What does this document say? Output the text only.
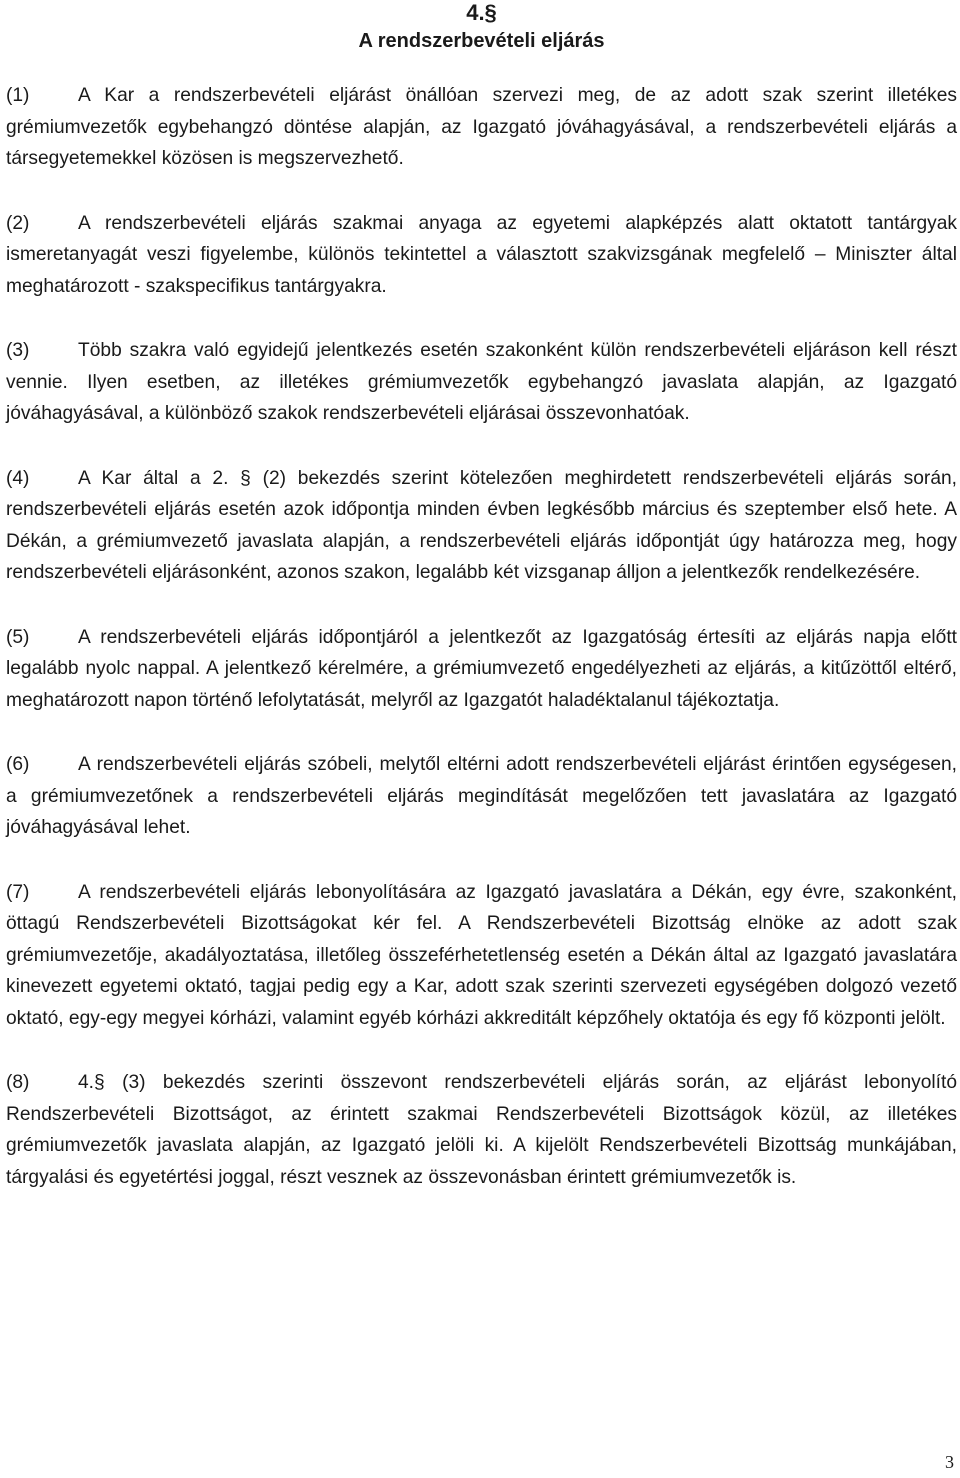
4.§
A rendszerbevételi eljárás
(1)	A Kar a rendszerbevételi eljárást önállóan szervezi meg, de az adott szak szerint illetékes grémiumvezetők egybehangzó döntése alapján, az Igazgató jóváhagyásával, a rendszerbevételi eljárás a társegyetemekkel közösen is megszervezhető.
(2)	A rendszerbevételi eljárás szakmai anyaga az egyetemi alapképzés alatt oktatott tantárgyak ismeretanyagát veszi figyelembe, különös tekintettel a választott szakvizsgának megfelelő – Miniszter által meghatározott - szakspecifikus tantárgyakra.
(3)	Több szakra való egyidejű jelentkezés esetén szakonként külön rendszerbevételi eljáráson kell részt vennie. Ilyen esetben, az illetékes grémiumvezetők egybehangzó javaslata alapján, az Igazgató jóváhagyásával, a különböző szakok rendszerbevételi eljárásai összevonhatóak.
(4)	A Kar által a 2. § (2) bekezdés szerint kötelezően meghirdetett rendszerbevételi eljárás során, rendszerbevételi eljárás esetén azok időpontja minden évben legkésőbb március és szeptember első hete. A Dékán, a grémiumvezető javaslata alapján, a rendszerbevételi eljárás időpontját úgy határozza meg, hogy rendszerbevételi eljárásonként, azonos szakon, legalább két vizsganap álljon a jelentkezők rendelkezésére.
(5)	A rendszerbevételi eljárás időpontjáról a jelentkezőt az Igazgatóság értesíti az eljárás napja előtt legalább nyolc nappal. A jelentkező kérelmére, a grémiumvezető engedélyezheti az eljárás, a kitűzöttől eltérő, meghatározott napon történő lefolytatását, melyről az Igazgatót haladéktalanul tájékoztatja.
(6)	A rendszerbevételi eljárás szóbeli, melytől eltérni adott rendszerbevételi eljárást érintően egységesen, a grémiumvezetőnek a rendszerbevételi eljárás megindítását megelőzően tett javaslatára az Igazgató jóváhagyásával lehet.
(7)	A rendszerbevételi eljárás lebonyolítására az Igazgató javaslatára a Dékán, egy évre, szakonként, öttagú Rendszerbevételi Bizottságokat kér fel. A Rendszerbevételi Bizottság elnöke az adott szak grémiumvezetője, akadályoztatása, illetőleg összeférhetetlenség esetén a Dékán által az Igazgató javaslatára kinevezett egyetemi oktató, tagjai pedig egy a Kar, adott szak szerinti szervezeti egységében dolgozó vezető oktató, egy-egy megyei kórházi, valamint egyéb kórházi akkreditált képzőhely oktatója és egy fő központi jelölt.
(8)	4.§ (3) bekezdés szerinti összevont rendszerbevételi eljárás során, az eljárást lebonyolító Rendszerbevételi Bizottságot, az érintett szakmai Rendszerbevételi Bizottságok közül, az illetékes grémiumvezetők javaslata alapján, az Igazgató jelöli ki. A kijelölt Rendszerbevételi Bizottság munkájában, tárgyalási és egyetértési joggal, részt vesznek az összevonásban érintett grémiumvezetők is.
3
